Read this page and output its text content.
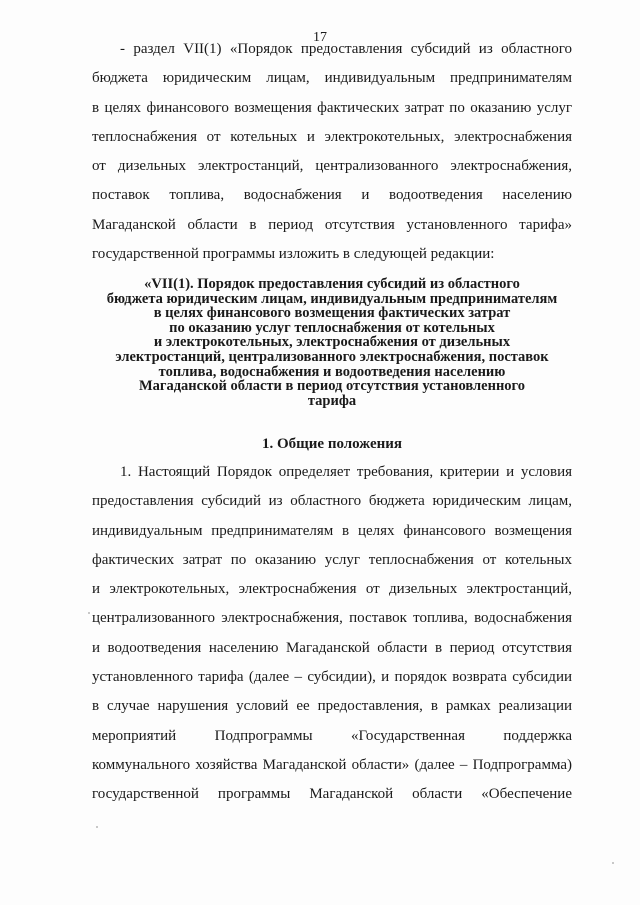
17
- раздел VII(1) «Порядок предоставления субсидий из областного
бюджета юридическим лицам, индивидуальным предпринимателям
в целях финансового возмещения фактических затрат по оказанию услуг
теплоснабжения от котельных и электрокотельных, электроснабжения
от дизельных электростанций, централизованного электроснабжения,
поставок топлива, водоснабжения и водоотведения населению
Магаданской области в период отсутствия установленного тарифа»
государственной программы изложить в следующей редакции:
«VII(1). Порядок предоставления субсидий из областного
бюджета юридическим лицам, индивидуальным предпринимателям
в целях финансового возмещения фактических затрат
по оказанию услуг теплоснабжения от котельных
и электрокотельных, электроснабжения от дизельных
электростанций, централизованного электроснабжения, поставок
топлива, водоснабжения и водоотведения населению
Магаданской области в период отсутствия установленного
тарифа
1. Общие положения
1. Настоящий Порядок определяет требования, критерии и условия
предоставления субсидий из областного бюджета юридическим лицам,
индивидуальным предпринимателям в целях финансового возмещения
фактических затрат по оказанию услуг теплоснабжения от котельных
и электрокотельных, электроснабжения от дизельных электростанций,
централизованного электроснабжения, поставок топлива, водоснабжения
и водоотведения населению Магаданской области в период отсутствия
установленного тарифа (далее – субсидии), и порядок возврата субсидии
в случае нарушения условий ее предоставления, в рамках реализации
мероприятий Подпрограммы «Государственная поддержка
коммунального хозяйства Магаданской области» (далее – Подпрограмма)
государственной программы Магаданской области «Обеспечение
